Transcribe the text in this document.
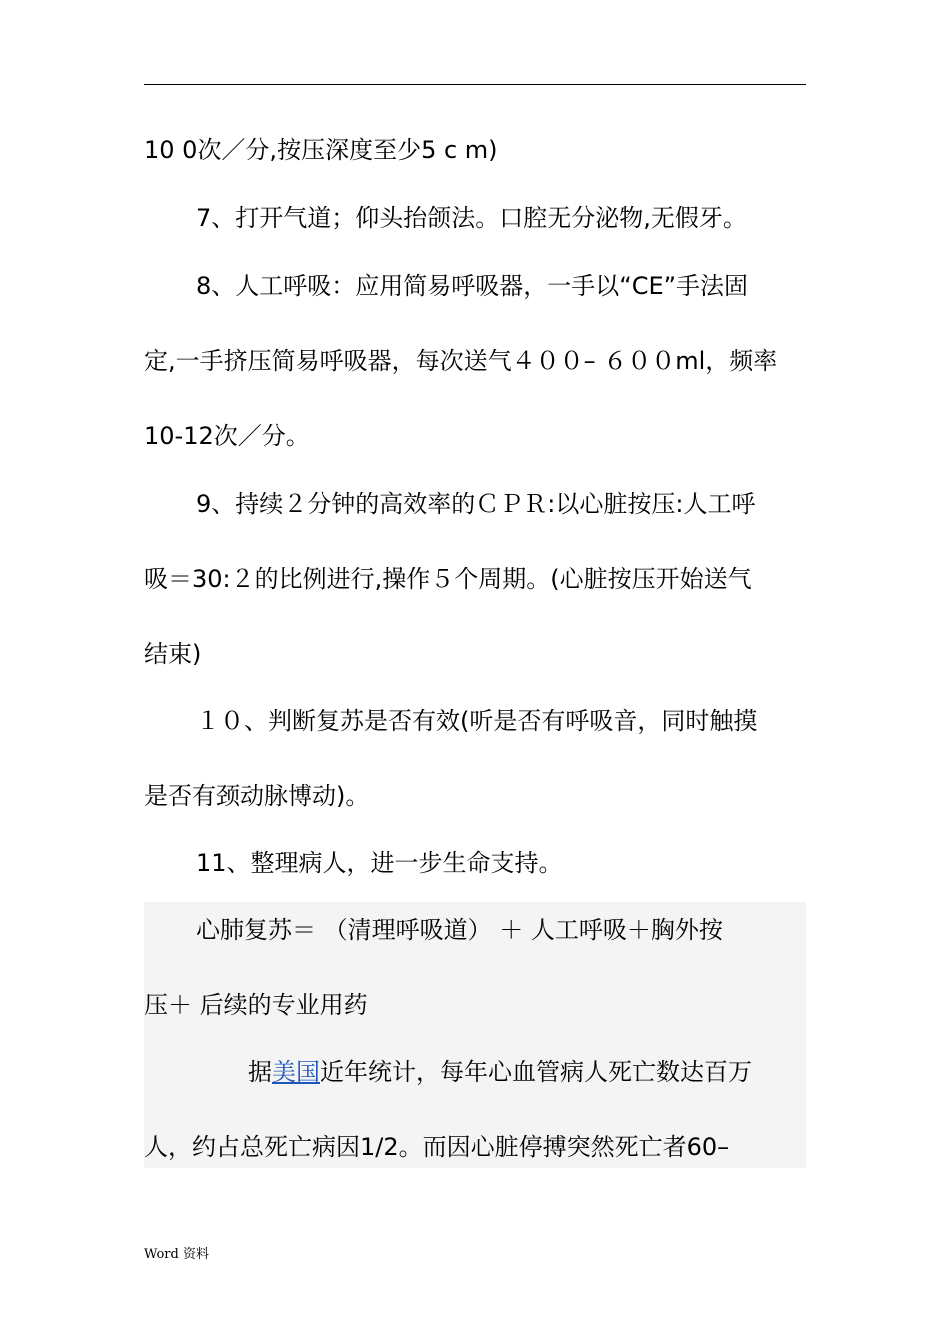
10 0次／分,按压深度至少5 c m)
7、打开气道；仰头抬颌法。口腔无分泌物,无假牙。
8、人工呼吸：应用简易呼吸器，一手以“CE”手法固
定,一手挤压简易呼吸器，每次送气４００– ６００ml，频率
10-12次／分。
9、持续２分钟的高效率的ＣＰＲ:以心脏按压:人工呼
吸＝30:２的比例进行,操作５个周期。(心脏按压开始送气
结束)
１０、判断复苏是否有效(听是否有呼吸音，同时触摸
是否有颈动脉博动)。
11、整理病人，进一步生命支持。
心肺复苏＝ （清理呼吸道） ＋ 人工呼吸＋胸外按
压＋ 后续的专业用药
据美国近年统计，每年心血管病人死亡数达百万
人，约占总死亡病因1/2。而因心脏停搏突然死亡者60–
Word 资料
